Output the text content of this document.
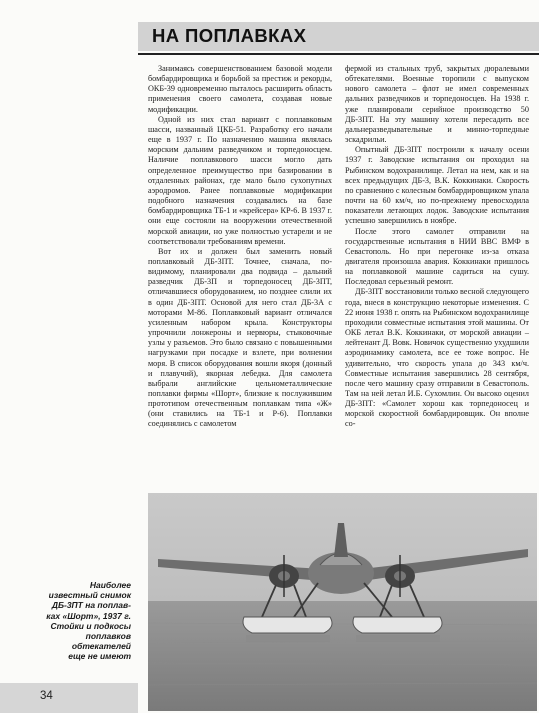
НА ПОПЛАВКАХ

Занимаясь совершенствованием базовой модели бомбардировщика и борьбой за престиж и рекорды, ОКБ-39 одновременно пыталось расширить область применения своего самолета, создавая новые модификации.

Одной из них стал вариант с поплавковым шасси, названный ЦКБ-51. Разработку его начали еще в 1937 г. По назначению машина являлась морским дальним разведчиком и торпедоносцем. Наличие поплавкового шасси могло дать определенное преимущество при базировании в отдаленных районах, где мало было сухопутных аэродромов. Ранее поплавковые модификации подобного назначения создавались на базе бомбардировщика ТБ-1 и «крейсера» КР-6. В 1937 г. они еще состояли на вооружении отечественной морской авиации, но уже полностью устарели и не соответствовали требованиям времени.

Вот их и должен был заменить новый поплавковый ДБ-3ПТ. Точнее, сначала, по-видимому, планировали два подвида – дальний разведчик ДБ-3П и торпедоносец ДБ-3ПТ, отличавшиеся оборудованием, но позднее слили их в один ДБ-3ПТ. Основой для него стал ДБ-3А с моторами М-86. Поплавковый вариант отличался усиленным набором крыла. Конструкторы упрочнили лонжероны и нервюры, стыковочные узлы у разъемов. Это было связано с повышенными нагрузками при посадке и взлете, при волнении моря. В список оборудования вошли якоря (донный и плавучий), якорная лебедка. Для самолета выбрали английские цельнометаллические поплавки фирмы «Шорт», близкие к послужившим прототипом отечественным поплавкам типа «Ж» (они ставились на ТБ-1 и Р-6). Поплавки соединялись с самолетом

фермой из стальных труб, закрытых дюралевыми обтекателями. Военные торопили с выпуском нового самолета – флот не имел современных дальних разведчиков и торпедоносцев. На 1938 г. уже планировали серийное производство 50 ДБ-3ПТ. На эту машину хотели пересадить все дальнеразведывательные и минно-торпедные эскадрильи.

Опытный ДБ-3ПТ построили к началу осени 1937 г. Заводские испытания он проходил на Рыбинском водохранилище. Летал на нем, как и на всех предыдущих ДБ-3, В.К. Коккинаки. Скорость по сравнению с колесным бомбардировщиком упала почти на 60 км/ч, но по-прежнему превосходила показатели летающих лодок. Заводские испытания успешно завершились в ноябре.

После этого самолет отправили на государственные испытания в НИИ ВВС ВМФ в Севастополь. Но при перегонке из-за отказа двигателя произошла авария. Коккинаки пришлось на поплавковой машине садиться на сушу. Последовал серьезный ремонт.

ДБ-3ПТ восстановили только весной следующего года, внеся в конструкцию некоторые изменения. С 22 июня 1938 г. опять на Рыбинском водохранилище проходили совместные испытания этой машины. От ОКБ летал В.К. Коккинаки, от морской авиации – лейтенант Д. Вовк. Новичок существенно ухудшили аэродинамику самолета, все ее тоже вопрос. Не удивительно, что скорость упала до 343 км/ч. Совместные испытания завершились 28 сентября, после чего машину сразу отправили в Севастополь. Там на ней летал И.Б. Сухомлин. Он высоко оценил ДБ-3ПТ: «Самолет хорош как торпедоносец и морской скоростной бомбардировщик. Он вполне со-

Наиболее
известный снимок
ДБ-3ПТ на поплав-
ках «Шорт», 1937 г.
Стойки и подкосы
поплавков
обтекателей
еще не имеют
34
